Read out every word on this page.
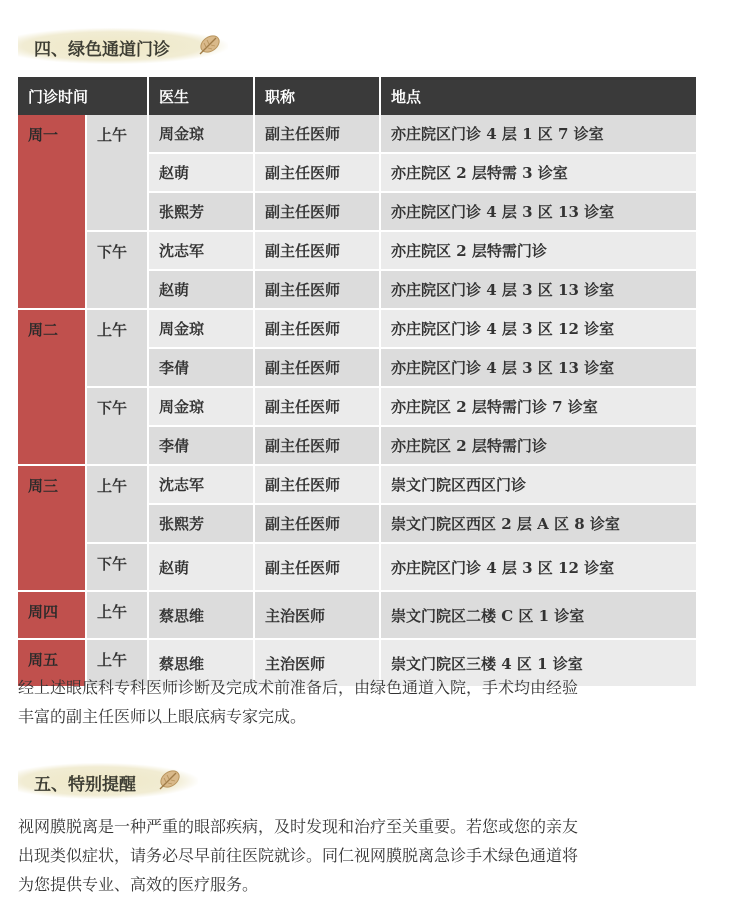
四、绿色通道门诊
门诊时间		医生	职称	地点
周一	上午	周金琼	副主任医师	亦庄院区门诊 4 层 1 区 7 诊室
		赵萌	副主任医师	亦庄院区 2 层特需 3 诊室
		张熙芳	副主任医师	亦庄院区门诊 4 层 3 区 13 诊室
	下午	沈志军	副主任医师	亦庄院区 2 层特需门诊
		赵萌	副主任医师	亦庄院区门诊 4 层 3 区 13 诊室
周二	上午	周金琼	副主任医师	亦庄院区门诊 4 层 3 区 12 诊室
		李倩	副主任医师	亦庄院区门诊 4 层 3 区 13 诊室
	下午	周金琼	副主任医师	亦庄院区 2 层特需门诊 7 诊室
		李倩	副主任医师	亦庄院区 2 层特需门诊
周三	上午	沈志军	副主任医师	崇文门院区西区门诊
		张熙芳	副主任医师	崇文门院区西区 2 层 A 区 8 诊室
	下午	赵萌	副主任医师	亦庄院区门诊 4 层 3 区 12 诊室
周四	上午	蔡思维	主治医师	崇文门院区二楼 C 区 1 诊室
周五	上午	蔡思维	主治医师	崇文门院区三楼 4 区 1 诊室
经上述眼底科专科医师诊断及完成术前准备后，由绿色通道入院，手术均由经验
丰富的副主任医师以上眼底病专家完成。
五、特别提醒
视网膜脱离是一种严重的眼部疾病，及时发现和治疗至关重要。若您或您的亲友
出现类似症状，请务必尽早前往医院就诊。同仁视网膜脱离急诊手术绿色通道将
为您提供专业、高效的医疗服务。
